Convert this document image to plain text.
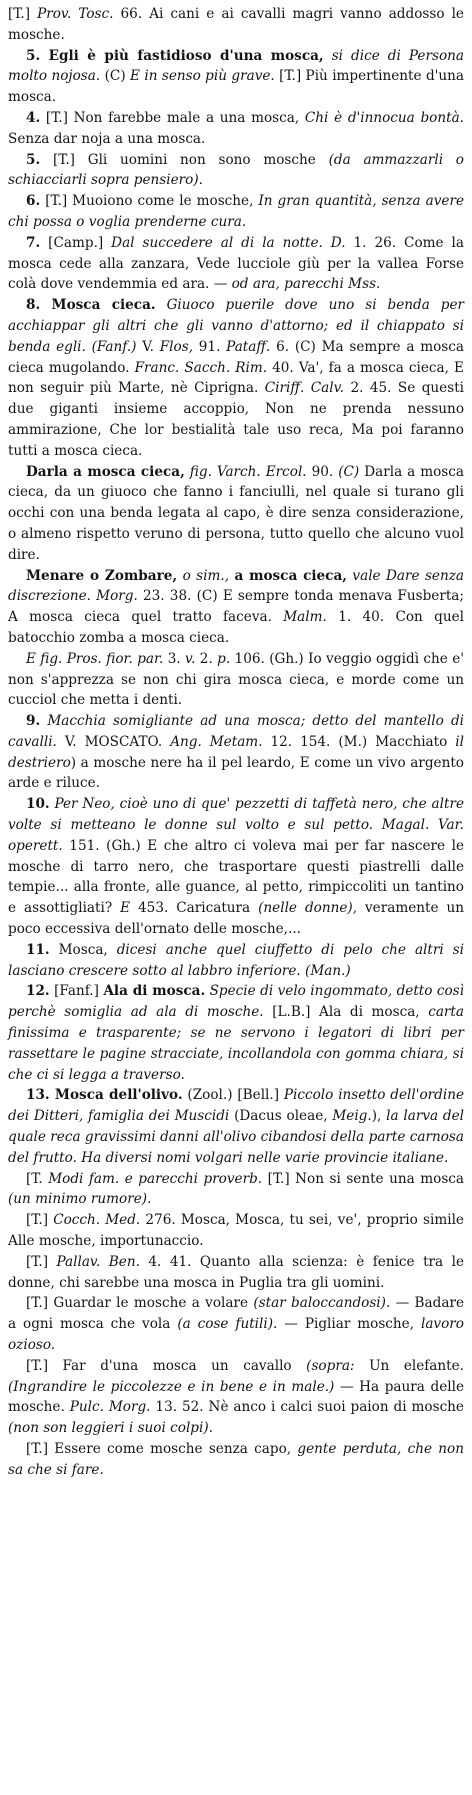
[T.] Prov. Tosc. 66. Ai cani e ai cavalli magri vanno addosso le mosche.

5. Egli è più fastidioso d'una mosca, si dice di Persona molto nojosa. (C) E in senso più grave. [T.] Più impertinente d'una mosca.

4. [T.] Non farebbe male a una mosca, Chi è d'innocua bontà. Senza dar noja a una mosca.

5. [T.] Gli uomini non sono mosche (da ammazzarli o schiacciarli sopra pensiero).

6. [T.] Muoiono come le mosche, In gran quantità, senza avere chi possa o voglia prenderne cura.

7. [Camp.] Dal succedere al di la notte. D. 1. 26. Come la mosca cede alla zanzara, Vede lucciole giù per la vallea Forse colà dove vendemmia ed ara. — od ara, parecchi Mss.

8. Mosca cieca. Giuoco puerile dove uno si benda per acchiappar gli altri che gli vanno d'attorno; ed il chiappato si benda egli. (Fanf.) V. Flos, 91. Pataff. 6. (C) Ma sempre a mosca cieca mugolando. Franc. Sacch. Rim. 40. Va', fa a mosca cieca, E non seguir più Marte, nè Ciprigna. Ciriff. Calv. 2. 45. Se questi due giganti insieme accoppio, Non ne prenda nessuno ammirazione, Che lor bestialità tale uso reca, Ma poi faranno tutti a mosca cieca.

Darla a mosca cieca, fig. Varch. Ercol. 90. (C) Darla a mosca cieca, da un giuoco che fanno i fanciulli, nel quale si turano gli occhi con una benda legata al capo, è dire senza considerazione, o almeno rispetto veruno di persona, tutto quello che alcuno vuol dire.

Menare o Zombare, o sim., a mosca cieca, vale Dare senza discrezione. Morg. 23. 38. (C) E sempre tonda menava Fusberta; A mosca cieca quel tratto faceva. Malm. 1. 40. Con quel batocchio zomba a mosca cieca.

E fig. Pros. fior. par. 3. v. 2. p. 106. (Gh.) Io veggio oggidì che e' non s'apprezza se non chi gira mosca cieca, e morde come un cucciol che metta i denti.

9. Macchia somigliante ad una mosca; detto del mantello di cavalli. V. MOSCATO. Ang. Metam. 12. 154. (M.) Macchiato il destriero) a mosche nere ha il pel leardo, E come un vivo argento arde e riluce.

10. Per Neo, cioè uno di que' pezzetti di taffetà nero, che altre volte si metteano le donne sul volto e sul petto. Magal. Var. operett. 151. (Gh.) E che altro ci voleva mai per far nascere le mosche di tarro nero, che trasportare questi piastrelli dalle tempie... alla fronte, alle guance, al petto, rimpiccoliti un tantino e assottigliati? E 453. Caricatura (nelle donne), veramente un poco eccessiva dell'ornato delle mosche,...

11. Mosca, dicesi anche quel ciuffetto di pelo che altri si lasciano crescere sotto al labbro inferiore. (Man.)

12. [Fanf.] Ala di mosca. Specie di velo ingommato, detto così perchè somiglia ad ala di mosche. [L.B.] Ala di mosca, carta finissima e trasparente; se ne servono i legatori di libri per rassettare le pagine stracciate, incollandola con gomma chiara, si che ci si legga a traverso.

13. Mosca dell'olivo. (Zool.) [Bell.] Piccolo insetto dell'ordine dei Ditteri, famiglia dei Muscidi (Dacus oleae, Meig.), la larva del quale reca gravissimi danni all'olivo cibandosi della parte carnosa del frutto. Ha diversi nomi volgari nelle varie provincie italiane.

[T. Modi fam. e parecchi proverb. [T.] Non si sente una mosca (un minimo rumore).

[T.] Cocch. Med. 276. Mosca, Mosca, tu sei, ve', proprio simile Alle mosche, importunaccio.

[T.] Pallav. Ben. 4. 41. Quanto alla scienza: è fenice tra le donne, chi sarebbe una mosca in Puglia tra gli uomini.

[T.] Guardar le mosche a volare (star baloccandosi). — Badare a ogni mosca che vola (a cose futili). — Pigliar mosche, lavoro ozioso.

[T.] Far d'una mosca un cavallo (sopra: Un elefante. (Ingrandire le piccolezze e in bene e in male.) — Ha paura delle mosche. Pulc. Morg. 13. 52. Nè anco i calci suoi paion di mosche (non son leggieri i suoi colpi).

[T.] Essere come mosche senza capo, gente perduta, che non sa che si fare.
